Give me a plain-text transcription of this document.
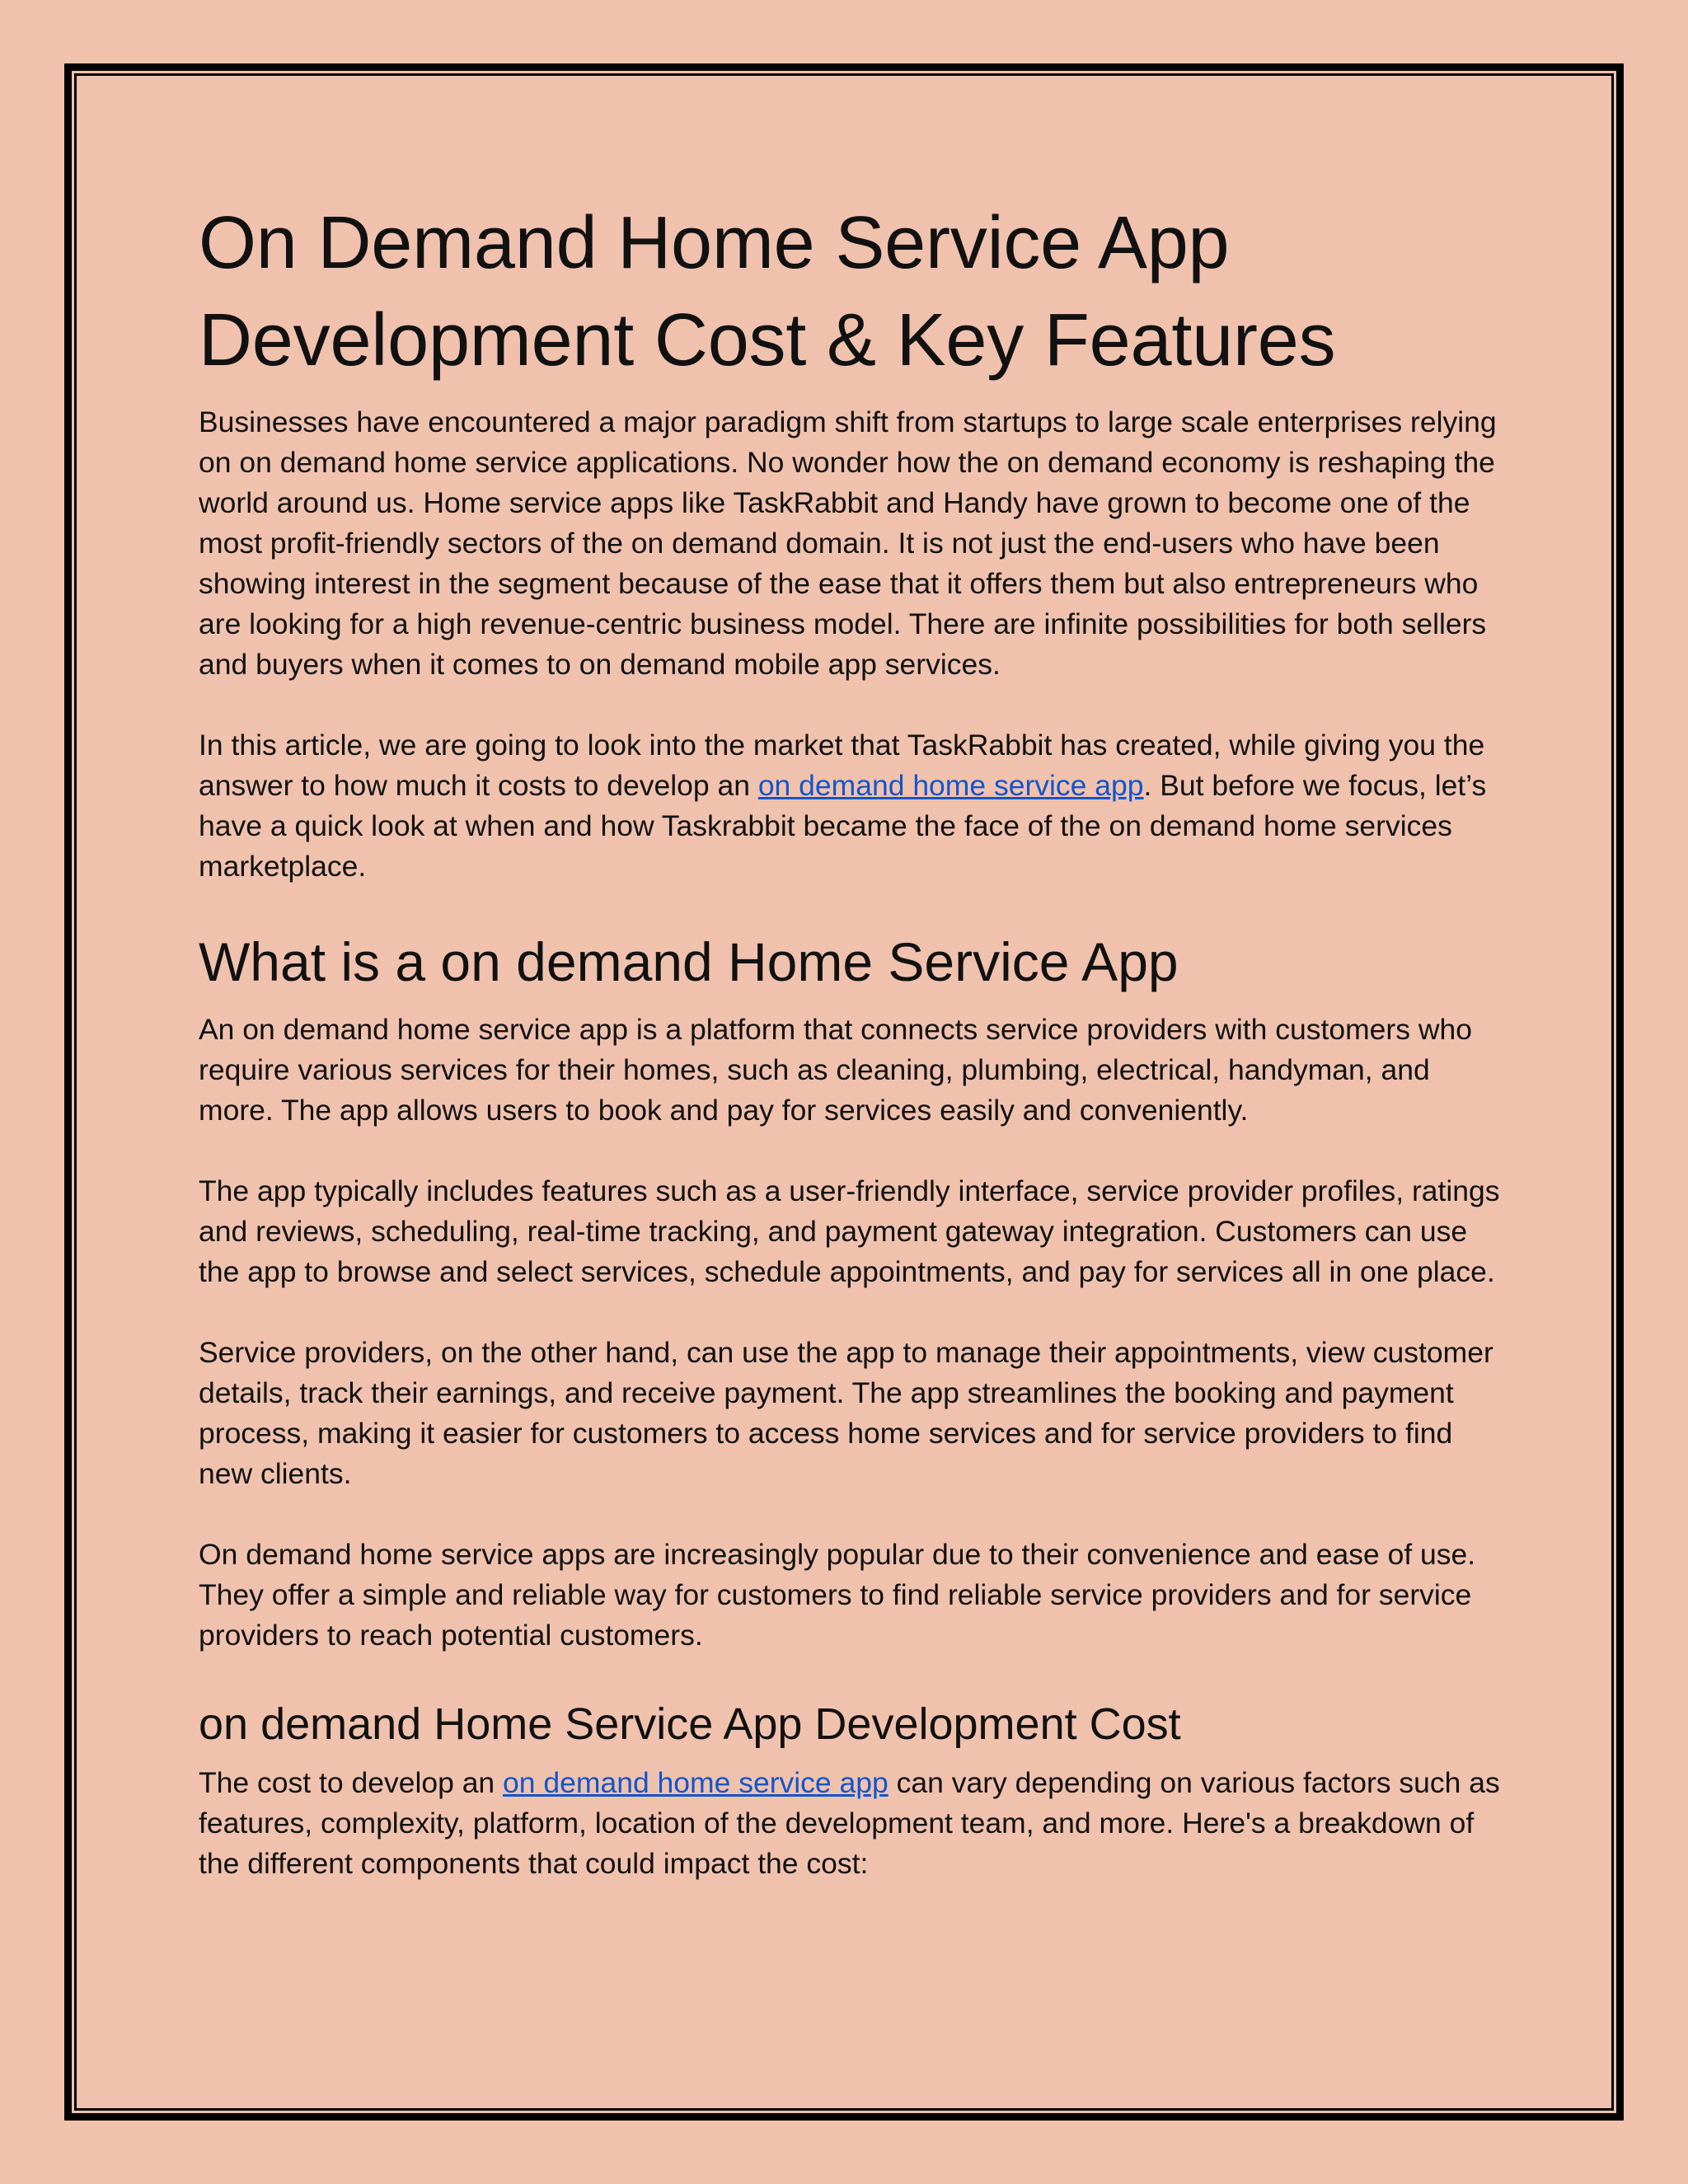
On Demand Home Service App Development Cost & Key Features

Businesses have encountered a major paradigm shift from startups to large scale enterprises relying on on demand home service applications. No wonder how the on demand economy is reshaping the world around us. Home service apps like TaskRabbit and Handy have grown to become one of the most profit-friendly sectors of the on demand domain. It is not just the end-users who have been showing interest in the segment because of the ease that it offers them but also entrepreneurs who are looking for a high revenue-centric business model. There are infinite possibilities for both sellers and buyers when it comes to on demand mobile app services.

In this article, we are going to look into the market that TaskRabbit has created, while giving you the answer to how much it costs to develop an on demand home service app. But before we focus, let’s have a quick look at when and how Taskrabbit became the face of the on demand home services marketplace.

What is a on demand Home Service App

An on demand home service app is a platform that connects service providers with customers who require various services for their homes, such as cleaning, plumbing, electrical, handyman, and more. The app allows users to book and pay for services easily and conveniently.

The app typically includes features such as a user-friendly interface, service provider profiles, ratings and reviews, scheduling, real-time tracking, and payment gateway integration. Customers can use the app to browse and select services, schedule appointments, and pay for services all in one place.

Service providers, on the other hand, can use the app to manage their appointments, view customer details, track their earnings, and receive payment. The app streamlines the booking and payment process, making it easier for customers to access home services and for service providers to find new clients.

On demand home service apps are increasingly popular due to their convenience and ease of use. They offer a simple and reliable way for customers to find reliable service providers and for service providers to reach potential customers.

on demand Home Service App Development Cost

The cost to develop an on demand home service app can vary depending on various factors such as features, complexity, platform, location of the development team, and more. Here's a breakdown of the different components that could impact the cost:
